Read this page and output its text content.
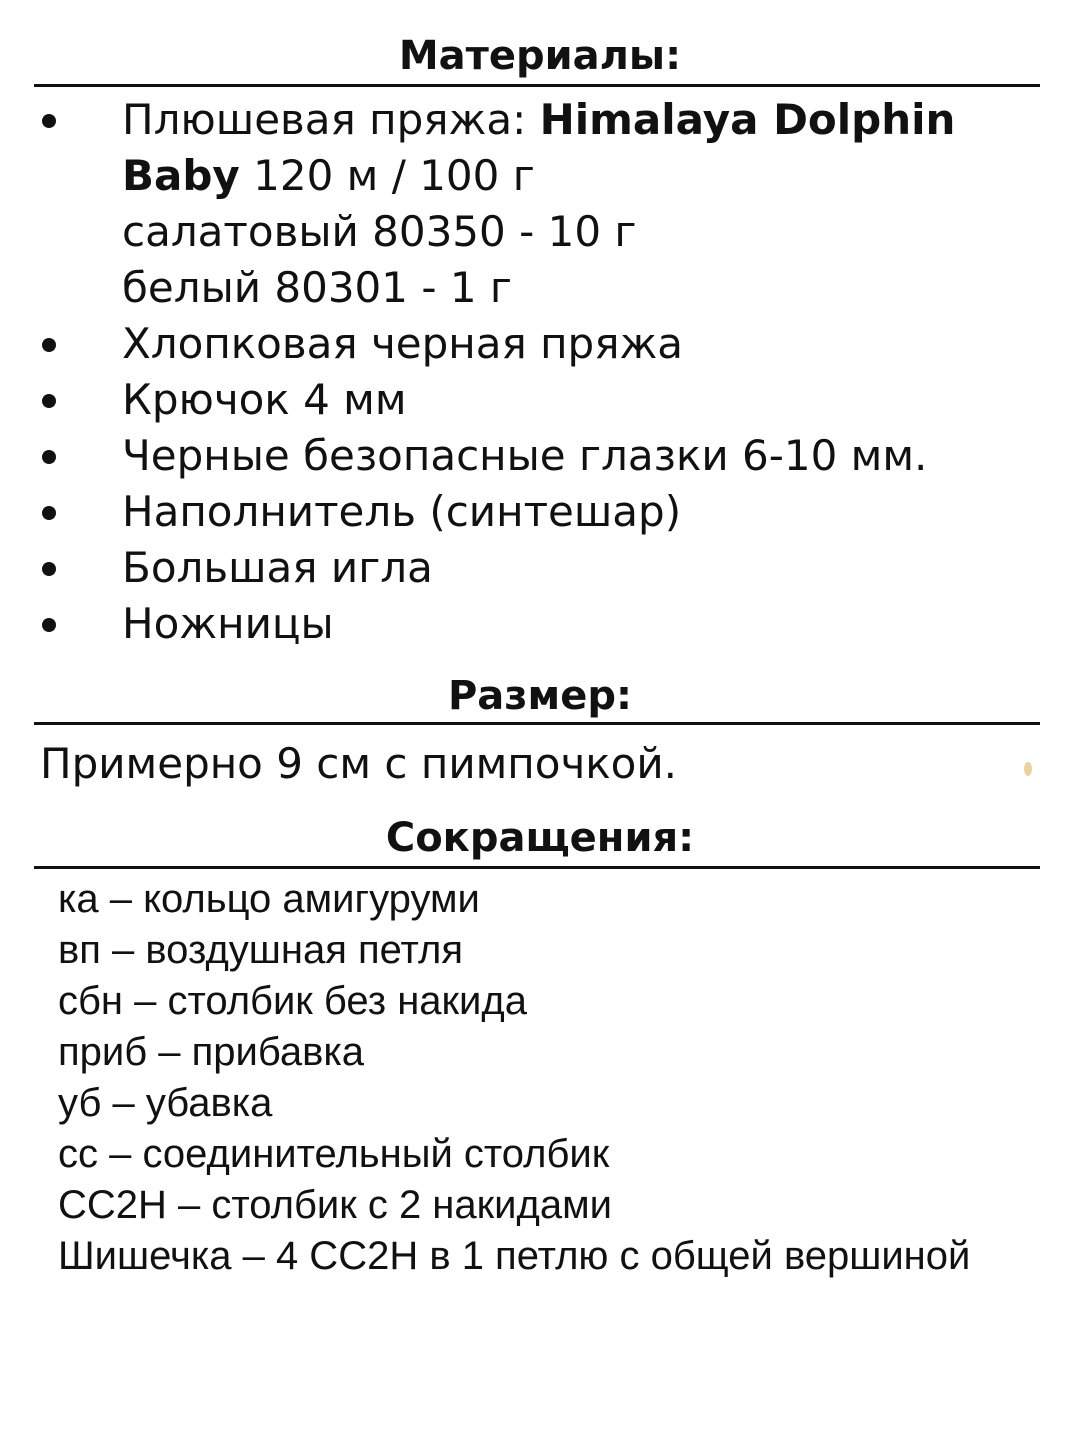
Материалы:
Плюшевая пряжа: Himalaya Dolphin
Baby 120 м / 100 г
салатовый 80350 - 10 г
белый 80301 - 1 г
Хлопковая черная пряжа
Крючок 4 мм
Черные безопасные глазки 6-10 мм.
Наполнитель (синтешар)
Большая игла
Ножницы
Размер:
Примерно 9 см с пимпочкой.
Сокращения:
ка – кольцо амигуруми
вп – воздушная петля
сбн – столбик без накида
приб – прибавка
уб – убавка
сс – соединительный столбик
СС2Н – столбик с 2 накидами
Шишечка – 4 СС2Н в 1 петлю с общей вершиной
